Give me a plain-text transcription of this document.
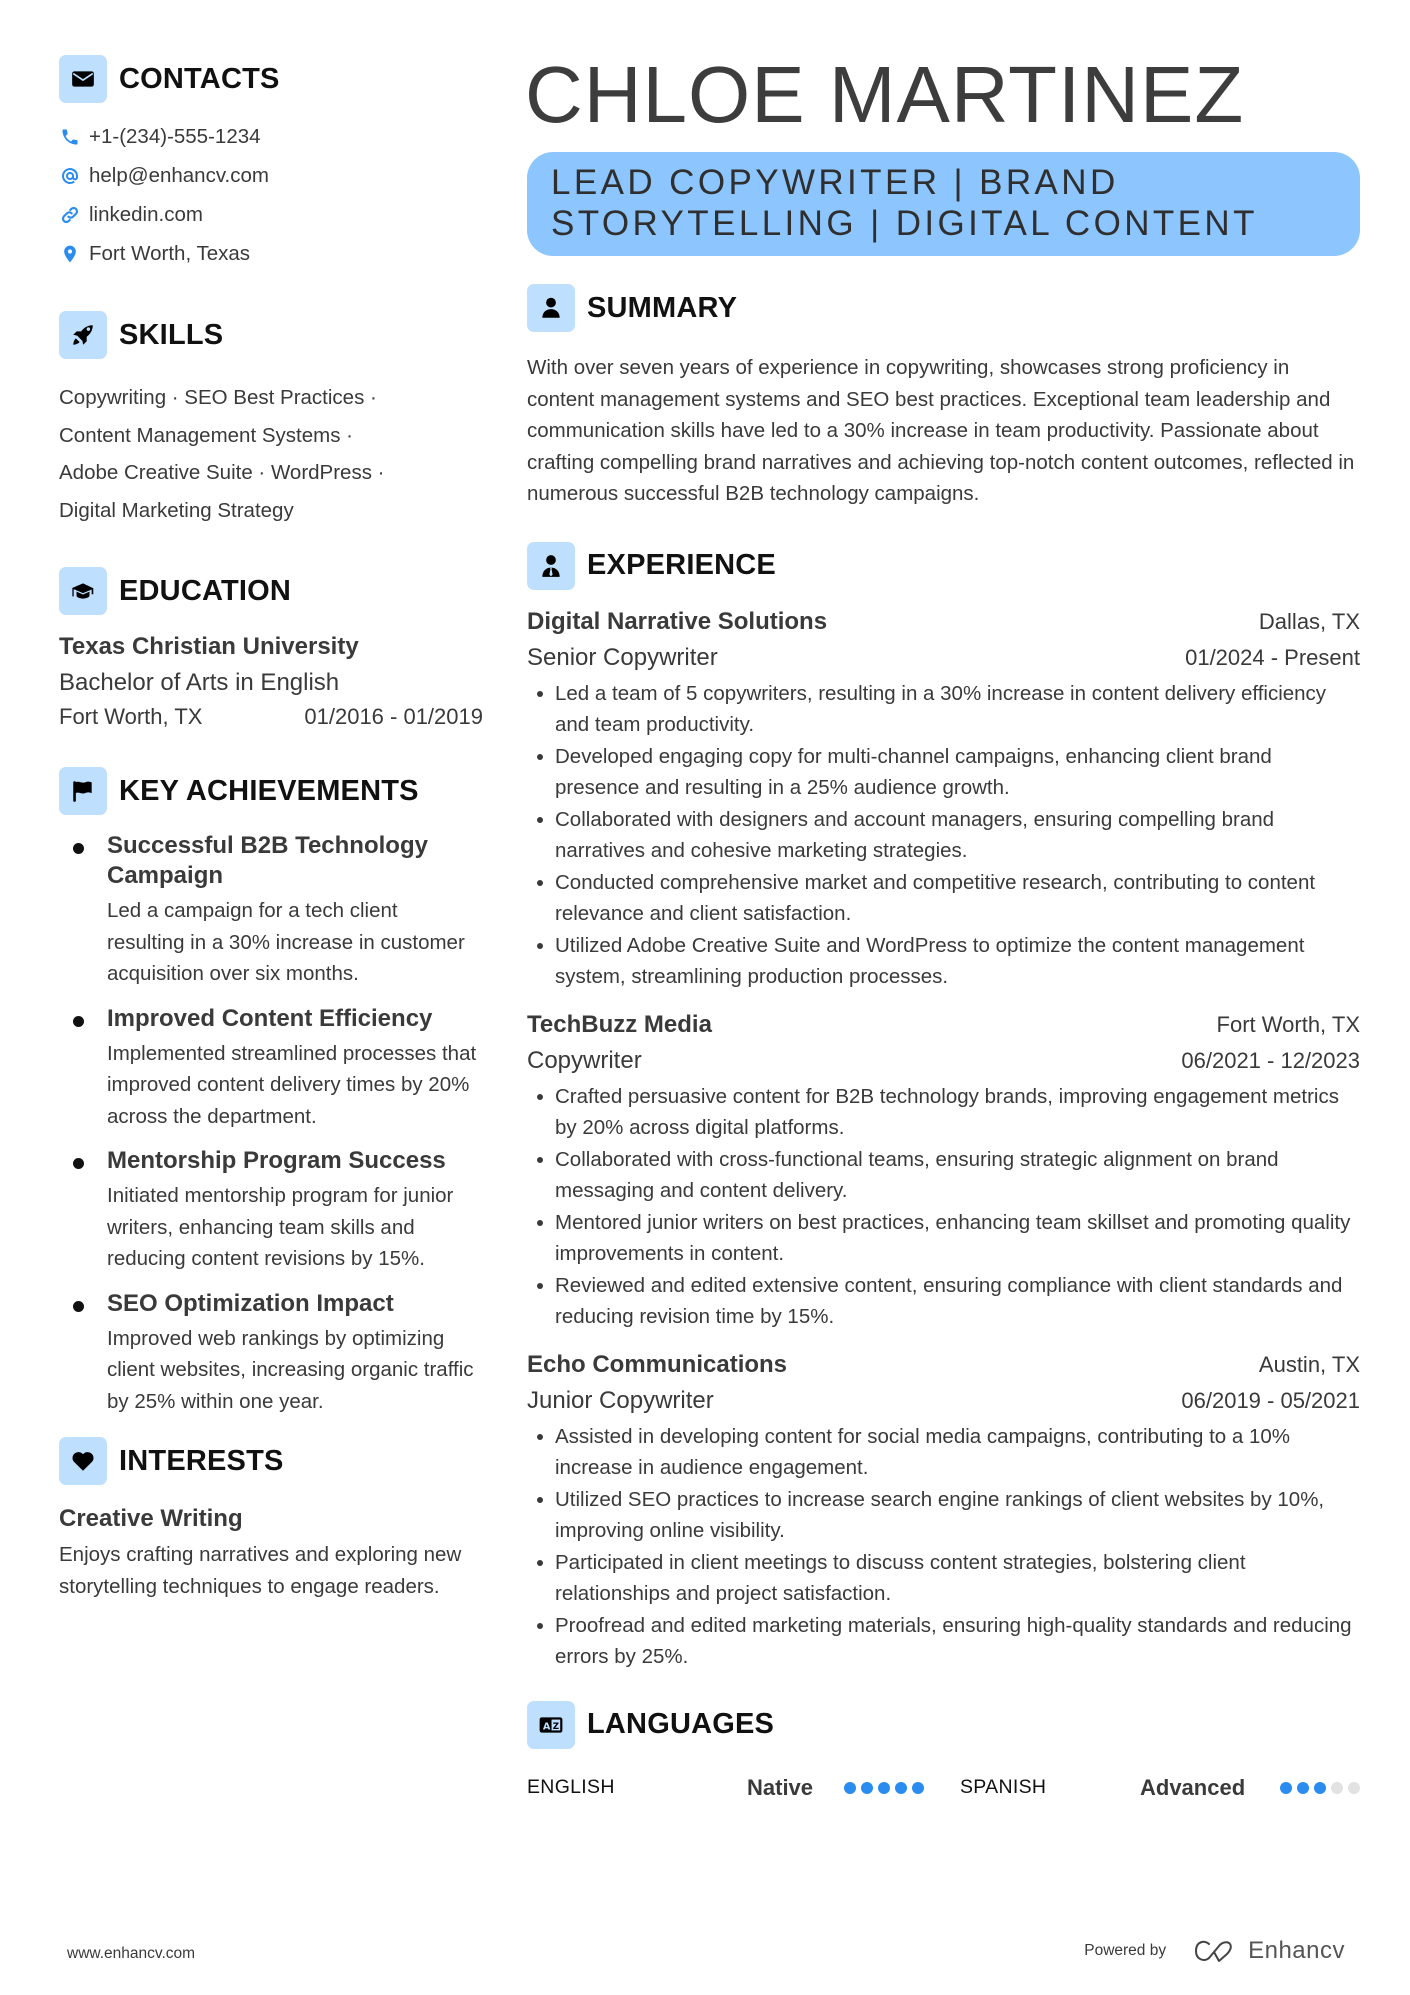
CONTACTS
+1-(234)-555-1234
help@enhancv.com
linkedin.com
Fort Worth, Texas
SKILLS
Copywriting · SEO Best Practices ·
Content Management Systems ·
Adobe Creative Suite · WordPress ·
Digital Marketing Strategy
EDUCATION
Texas Christian University
Bachelor of Arts in English
Fort Worth, TX	01/2016 - 01/2019
KEY ACHIEVEMENTS
Successful B2B Technology Campaign
Led a campaign for a tech client resulting in a 30% increase in customer acquisition over six months.
Improved Content Efficiency
Implemented streamlined processes that improved content delivery times by 20% across the department.
Mentorship Program Success
Initiated mentorship program for junior writers, enhancing team skills and reducing content revisions by 15%.
SEO Optimization Impact
Improved web rankings by optimizing client websites, increasing organic traffic by 25% within one year.
INTERESTS
Creative Writing
Enjoys crafting narratives and exploring new storytelling techniques to engage readers.
CHLOE MARTINEZ
LEAD COPYWRITER | BRAND
STORYTELLING | DIGITAL CONTENT
SUMMARY

With over seven years of experience in copywriting, showcases strong proficiency in content management systems and SEO best practices. Exceptional team leadership and communication skills have led to a 30% increase in team productivity. Passionate about crafting compelling brand narratives and achieving top-notch content outcomes, reflected in numerous successful B2B technology campaigns.

EXPERIENCE
Digital Narrative Solutions	Dallas, TX
Senior Copywriter	01/2024 - Present
Led a team of 5 copywriters, resulting in a 30% increase in content delivery efficiency and team productivity.
Developed engaging copy for multi-channel campaigns, enhancing client brand presence and resulting in a 25% audience growth.
Collaborated with designers and account managers, ensuring compelling brand narratives and cohesive marketing strategies.
Conducted comprehensive market and competitive research, contributing to content relevance and client satisfaction.
Utilized Adobe Creative Suite and WordPress to optimize the content management system, streamlining production processes.
TechBuzz Media	Fort Worth, TX
Copywriter	06/2021 - 12/2023
Crafted persuasive content for B2B technology brands, improving engagement metrics by 20% across digital platforms.
Collaborated with cross-functional teams, ensuring strategic alignment on brand messaging and content delivery.
Mentored junior writers on best practices, enhancing team skillset and promoting quality improvements in content.
Reviewed and edited extensive content, ensuring compliance with client standards and reducing revision time by 15%.
Echo Communications	Austin, TX
Junior Copywriter	06/2019 - 05/2021
Assisted in developing content for social media campaigns, contributing to a 10% increase in audience engagement.
Utilized SEO practices to increase search engine rankings of client websites by 10%, improving online visibility.
Participated in client meetings to discuss content strategies, bolstering client relationships and project satisfaction.
Proofread and edited marketing materials, ensuring high-quality standards and reducing errors by 25%.
A Z LANGUAGES
ENGLISH	Native	SPANISH	Advanced
www.enhancv.com	Powered by	Enhancv
